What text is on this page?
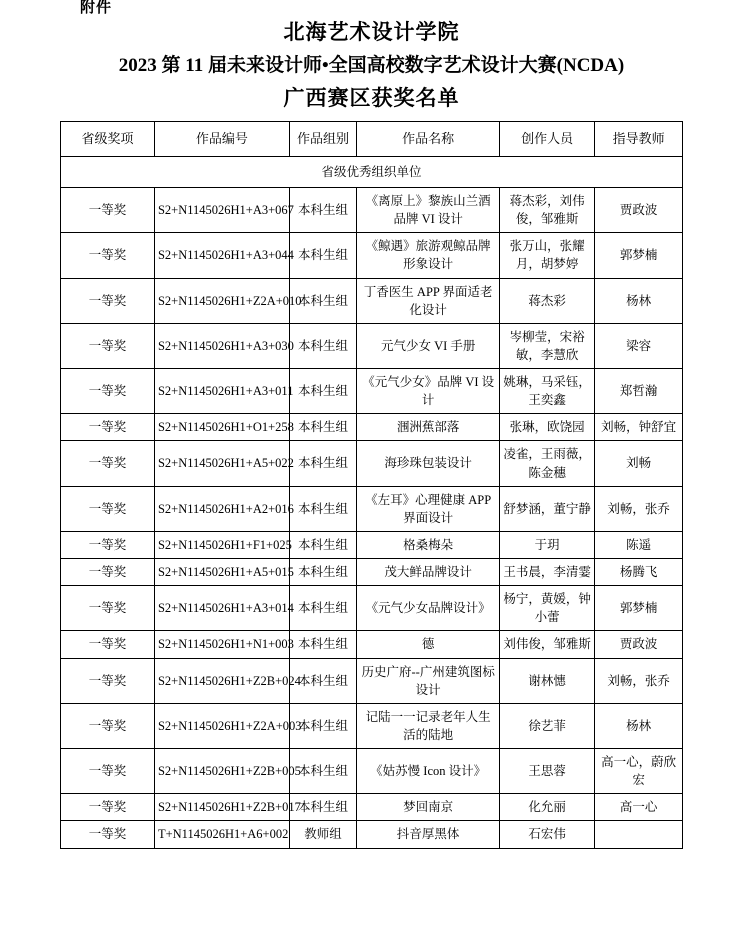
附件
北海艺术设计学院
2023 第 11 届未来设计师•全国高校数字艺术设计大赛(NCDA)
广西赛区获奖名单
省级奖项	作品编号	作品组别	作品名称	创作人员	指导教师
省级优秀组织单位					
一等奖	S2+N1145026H1+A3+067	本科生组	《离原上》黎族山兰酒品牌 VI 设计	蒋杰彩，刘伟俊，邹雅斯	贾政波
一等奖	S2+N1145026H1+A3+044	本科生组	《鲸遇》旅游观鲸品牌形象设计	张万山，张耀月，胡梦婷	郭梦楠
一等奖	S2+N1145026H1+Z2A+010	本科生组	丁香医生 APP 界面适老化设计	蒋杰彩	杨林
一等奖	S2+N1145026H1+A3+030	本科生组	元气少女 VI 手册	岑柳莹，宋裕敏，李慧欣	梁容
一等奖	S2+N1145026H1+A3+011	本科生组	《元气少女》品牌 VI 设计	姚琳，马采钰，王奕鑫	郑哲瀚
一等奖	S2+N1145026H1+O1+258	本科生组	涠洲蕉部落	张琳，欧饶园	刘畅，钟舒宜
一等奖	S2+N1145026H1+A5+022	本科生组	海珍珠包装设计	凌雀，王雨薇，陈金穗	刘畅
一等奖	S2+N1145026H1+A2+016	本科生组	《左耳》心理健康 APP 界面设计	舒梦涵，董宁静	刘畅，张乔
一等奖	S2+N1145026H1+F1+025	本科生组	格桑梅朵	于玥	陈遥
一等奖	S2+N1145026H1+A5+015	本科生组	茂大鲜品牌设计	王书晨，李清霎	杨腾飞
一等奖	S2+N1145026H1+A3+014	本科生组	《元气少女品牌设计》	杨宁，黄媛，钟小蕾	郭梦楠
一等奖	S2+N1145026H1+N1+003	本科生组	德	刘伟俊，邹雅斯	贾政波
一等奖	S2+N1145026H1+Z2B+024	本科生组	历史广府--广州建筑图标设计	谢林憓	刘畅，张乔
一等奖	S2+N1145026H1+Z2A+003	本科生组	记陆一一记录老年人生活的陆地	徐艺菲	杨林
一等奖	S2+N1145026H1+Z2B+005	本科生组	《姑苏慢 Icon 设计》	王思蓉	高一心，蔚欣宏
一等奖	S2+N1145026H1+Z2B+017	本科生组	梦回南京	化允丽	高一心
一等奖	T+N1145026H1+A6+002	教师组	抖音厚黑体	石宏伟	
